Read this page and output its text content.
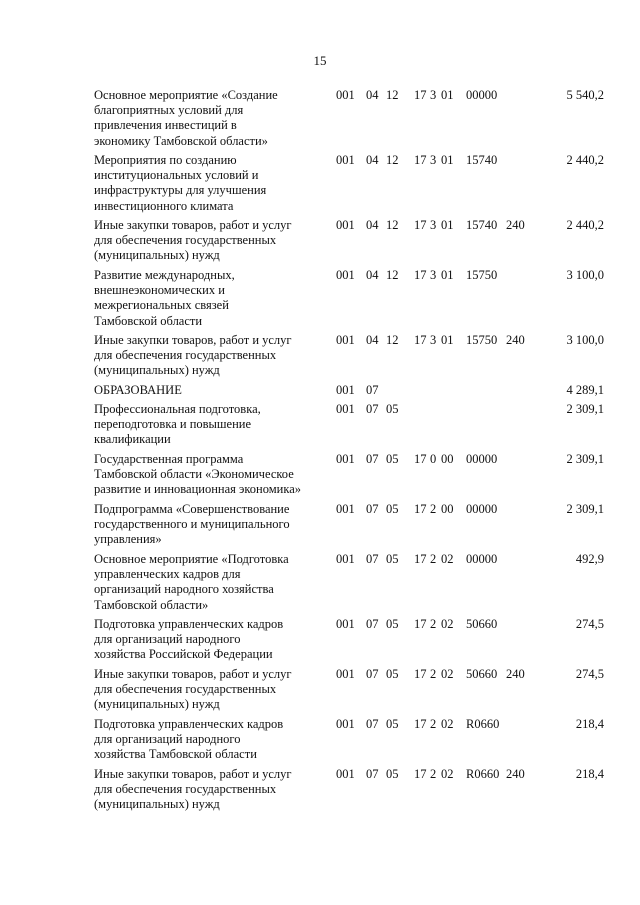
15
Основное мероприятие «Создание
благоприятных условий для
привлечения инвестиций в
экономику Тамбовской области»
001 04 12 17 3 01 00000	5 540,2
Мероприятия по созданию
институциональных условий и
инфраструктуры для улучшения
инвестиционного климата
001 04 12 17 3 01 15740	2 440,2
Иные закупки товаров, работ и услуг
для обеспечения государственных
(муниципальных) нужд
001 04 12 17 3 01 15740 240	2 440,2
Развитие международных,
внешнеэкономических и
межрегиональных связей
Тамбовской области
001 04 12 17 3 01 15750	3 100,0
Иные закупки товаров, работ и услуг
для обеспечения государственных
(муниципальных) нужд
001 04 12 17 3 01 15750 240	3 100,0
ОБРАЗОВАНИЕ	001 07	4 289,1
Профессиональная подготовка,
переподготовка и повышение
квалификации
001 07 05	2 309,1
Государственная программа
Тамбовской области «Экономическое
развитие и инновационная экономика»
001 07 05 17 0 00 00000	2 309,1
Подпрограмма «Совершенствование
государственного и муниципального
управления»
001 07 05 17 2 00 00000	2 309,1
Основное мероприятие «Подготовка
управленческих кадров для
организаций народного хозяйства
Тамбовской области»
001 07 05 17 2 02 00000	492,9
Подготовка управленческих кадров
для организаций народного
хозяйства Российской Федерации
001 07 05 17 2 02 50660	274,5
Иные закупки товаров, работ и услуг
для обеспечения государственных
(муниципальных) нужд
001 07 05 17 2 02 50660 240	274,5
Подготовка управленческих кадров
для организаций народного
хозяйства Тамбовской области
001 07 05 17 2 02 R0660	218,4
Иные закупки товаров, работ и услуг
для обеспечения государственных
(муниципальных) нужд
001 07 05 17 2 02 R0660 240	218,4
